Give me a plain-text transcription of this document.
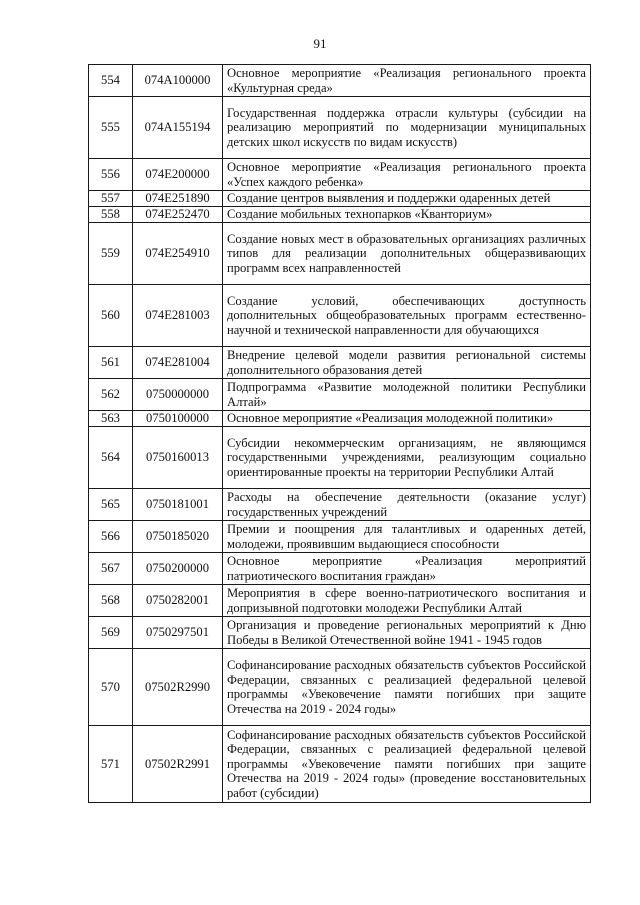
91
554	074A100000	Основное мероприятие «Реализация регионального проекта «Культурная среда»
555	074A155194	Государственная поддержка отрасли культуры (субсидии на реализацию мероприятий по модернизации муниципальных детских школ искусств по видам искусств)
556	074E200000	Основное мероприятие «Реализация регионального проекта «Успех каждого ребенка»
557	074E251890	Создание центров выявления и поддержки одаренных детей
558	074E252470	Создание мобильных технопарков «Кванториум»
559	074E254910	Создание новых мест в образовательных организациях различных типов для реализации дополнительных общеразвивающих программ всех направленностей
560	074E281003	Создание условий, обеспечивающих доступность дополнительных общеобразовательных программ естественно-научной и технической направленности для обучающихся
561	074E281004	Внедрение целевой модели развития региональной системы дополнительного образования детей
562	0750000000	Подпрограмма «Развитие молодежной политики Республики Алтай»
563	0750100000	Основное мероприятие «Реализация молодежной политики»
564	0750160013	Субсидии некоммерческим организациям, не являющимся государственными учреждениями, реализующим социально ориентированные проекты на территории Республики Алтай
565	0750181001	Расходы на обеспечение деятельности (оказание услуг) государственных учреждений
566	0750185020	Премии и поощрения для талантливых и одаренных детей, молодежи, проявившим выдающиеся способности
567	0750200000	Основное мероприятие «Реализация мероприятий патриотического воспитания граждан»
568	0750282001	Мероприятия в сфере военно-патриотического воспитания и допризывной подготовки молодежи Республики Алтай
569	0750297501	Организация и проведение региональных мероприятий к Дню Победы в Великой Отечественной войне 1941 - 1945 годов
570	07502R2990	Софинансирование расходных обязательств субъектов Российской Федерации, связанных с реализацией федеральной целевой программы «Увековечение памяти погибших при защите Отечества на 2019 - 2024 годы»
571	07502R2991	Софинансирование расходных обязательств субъектов Российской Федерации, связанных с реализацией федеральной целевой программы «Увековечение памяти погибших при защите Отечества на 2019 - 2024 годы» (проведение восстановительных работ (субсидии)
